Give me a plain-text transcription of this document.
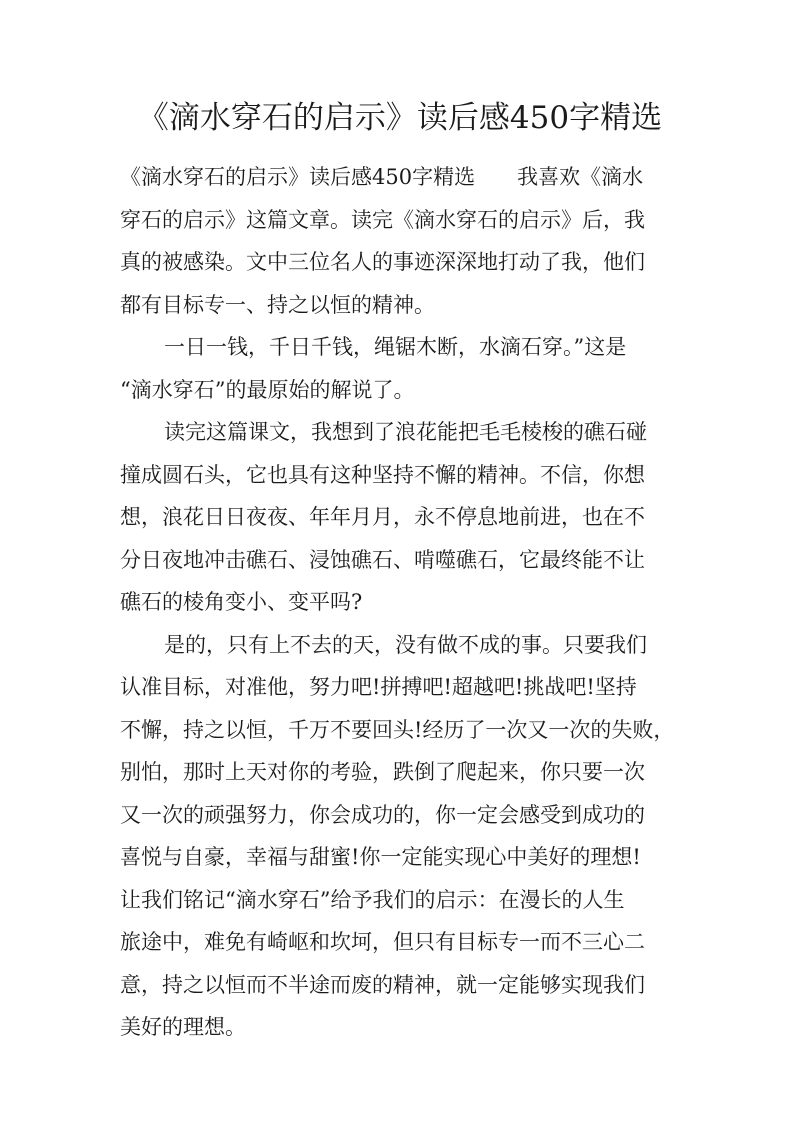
《滴水穿石的启示》读后感450字精选
《滴水穿石的启示》读后感450字精选　　我喜欢《滴水
穿石的启示》这篇文章。读完《滴水穿石的启示》后，我
真的被感染。文中三位名人的事迹深深地打动了我，他们
都有目标专一、持之以恒的精神。
一日一钱，千日千钱，绳锯木断，水滴石穿。”这是
“滴水穿石”的最原始的解说了。
读完这篇课文，我想到了浪花能把毛毛棱梭的礁石碰
撞成圆石头，它也具有这种坚持不懈的精神。不信，你想
想，浪花日日夜夜、年年月月，永不停息地前进，也在不
分日夜地冲击礁石、浸蚀礁石、啃噬礁石，它最终能不让
礁石的棱角变小、变平吗?
是的，只有上不去的天，没有做不成的事。只要我们
认准目标，对准他，努力吧!拼搏吧!超越吧!挑战吧!坚持
不懈，持之以恒，千万不要回头!经历了一次又一次的失败，
别怕，那时上天对你的考验，跌倒了爬起来，你只要一次
又一次的顽强努力，你会成功的，你一定会感受到成功的
喜悦与自豪，幸福与甜蜜!你一定能实现心中美好的理想!
让我们铭记“滴水穿石”给予我们的启示：在漫长的人生
旅途中，难免有崎岖和坎坷，但只有目标专一而不三心二
意，持之以恒而不半途而废的精神，就一定能够实现我们
美好的理想。
